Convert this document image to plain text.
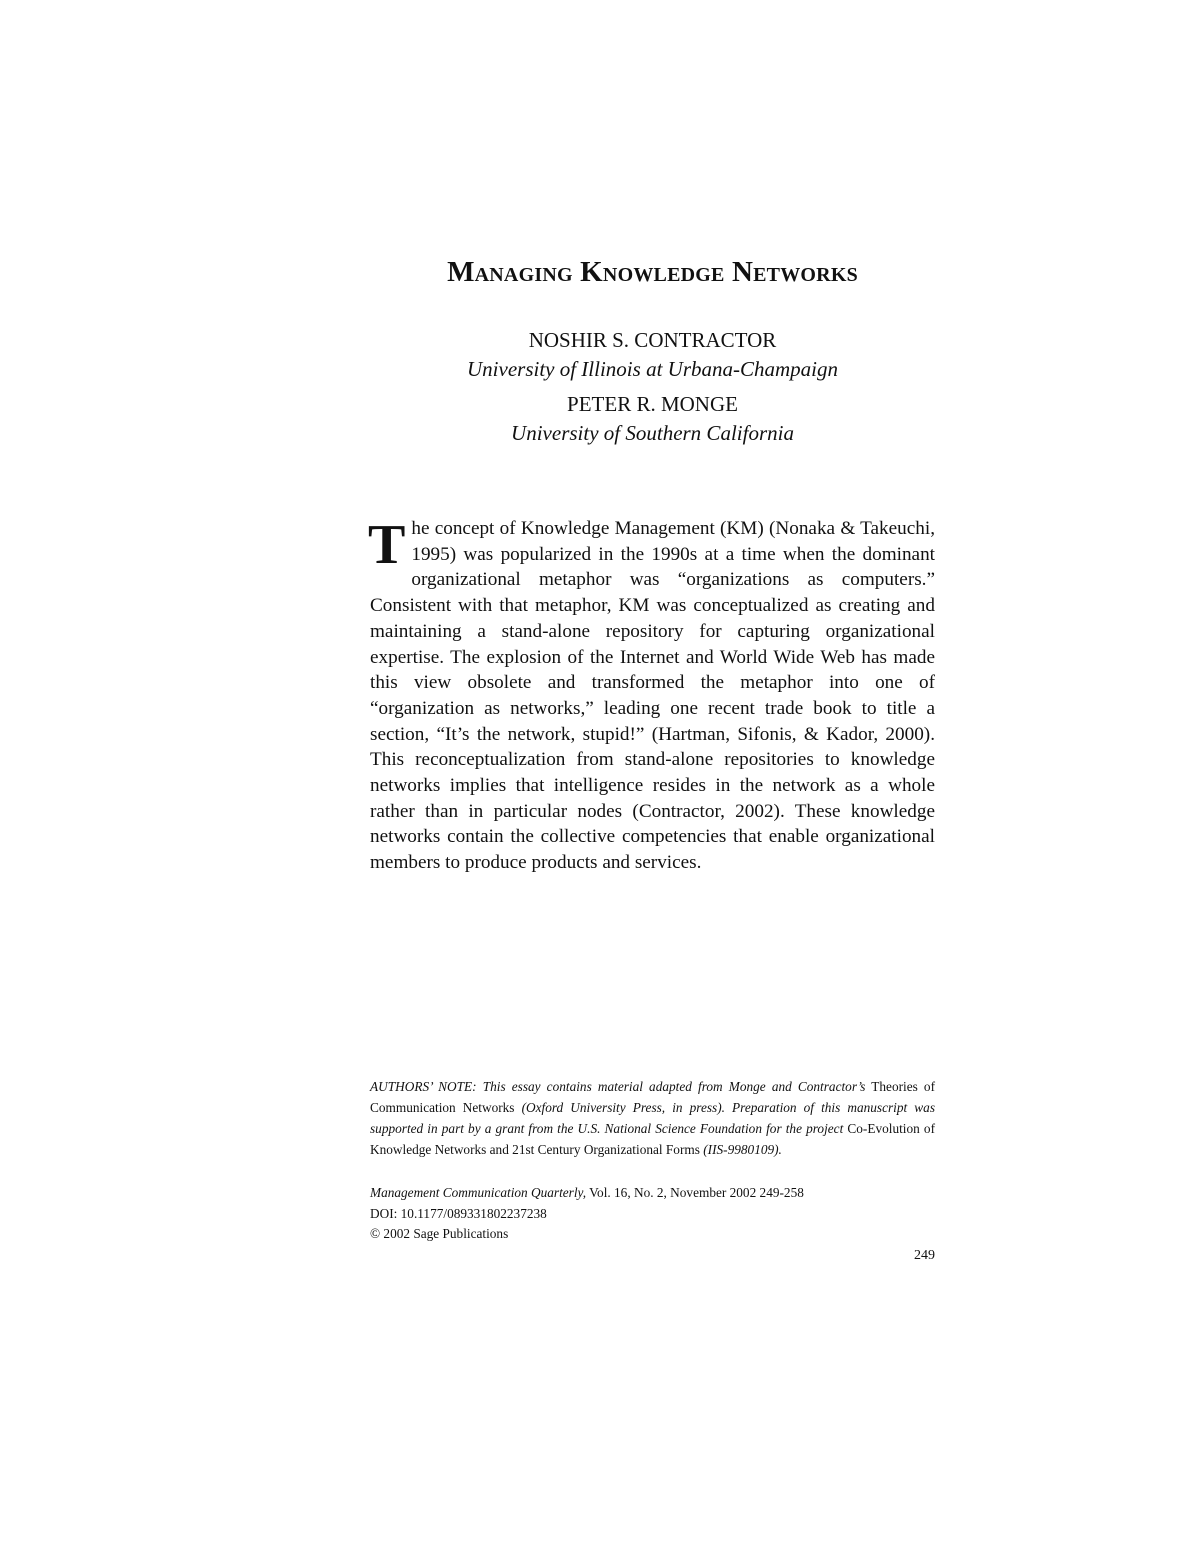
Managing Knowledge Networks
NOSHIR S. CONTRACTOR
University of Illinois at Urbana-Champaign
PETER R. MONGE
University of Southern California
The concept of Knowledge Management (KM) (Nonaka & Takeuchi, 1995) was popularized in the 1990s at a time when the dominant organizational metaphor was “organizations as computers.” Consistent with that metaphor, KM was conceptualized as creating and maintaining a stand-alone repository for capturing organizational expertise. The explosion of the Internet and World Wide Web has made this view obsolete and transformed the metaphor into one of “organization as networks,” leading one recent trade book to title a section, “It’s the network, stupid!” (Hartman, Sifonis, & Kador, 2000). This reconceptualization from stand-alone repositories to knowledge networks implies that intelligence resides in the network as a whole rather than in particular nodes (Contractor, 2002). These knowledge networks contain the collective competencies that enable organizational members to produce products and services.
AUTHORS’ NOTE: This essay contains material adapted from Monge and Contractor’s Theories of Communication Networks (Oxford University Press, in press). Preparation of this manuscript was supported in part by a grant from the U.S. National Science Foundation for the project Co-Evolution of Knowledge Networks and 21st Century Organizational Forms (IIS-9980109).
Management Communication Quarterly, Vol. 16, No. 2, November 2002 249-258
DOI: 10.1177/089331802237238
© 2002 Sage Publications
249
